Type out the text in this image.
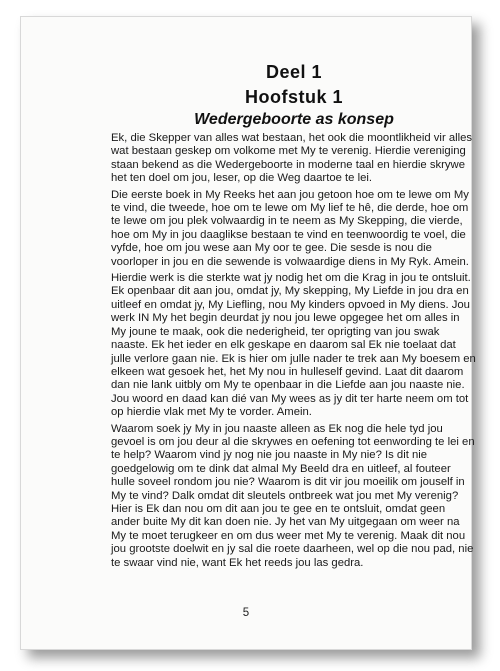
Deel 1
Hoofstuk 1
Wedergeboorte as konsep

Ek, die Skepper van alles wat bestaan, het ook die moontlikheid vir alles wat bestaan geskep om volkome met My te verenig. Hierdie vereniging staan bekend as die Wedergeboorte in moderne taal en hierdie skrywe het ten doel om jou, leser, op die Weg daartoe te lei.

Die eerste boek in My Reeks het aan jou getoon hoe om te lewe om My te vind, die tweede, hoe om te lewe om My lief te hê, die derde, hoe om te lewe om jou plek volwaardig in te neem as My Skepping, die vierde, hoe om My in jou daaglikse bestaan te vind en teenwoordig te voel, die vyfde, hoe om jou wese aan My oor te gee. Die sesde is nou die voorloper in jou en die sewende is volwaardige diens in My Ryk. Amein.

Hierdie werk is die sterkte wat jy nodig het om die Krag in jou te ontsluit. Ek openbaar dit aan jou, omdat jy, My skepping, My Liefde in jou dra en uitleef en omdat jy, My Liefling, nou My kinders opvoed in My diens. Jou werk IN My het begin deurdat jy nou jou lewe opgegee het om alles in My joune te maak, ook die nederigheid, ter oprigting van jou swak naaste. Ek het ieder en elk geskape en daarom sal Ek nie toelaat dat julle verlore gaan nie. Ek is hier om julle nader te trek aan My boesem en elkeen wat gesoek het, het My nou in hulleself gevind. Laat dit daarom dan nie lank uitbly om My te openbaar in die Liefde aan jou naaste nie. Jou woord en daad kan dié van My wees as jy dit ter harte neem om tot op hierdie vlak met My te vorder. Amein.

Waarom soek jy My in jou naaste alleen as Ek nog die hele tyd jou gevoel is om jou deur al die skrywes en oefening tot eenwording te lei en te help? Waarom vind jy nog nie jou naaste in My nie? Is dit nie goedgelowig om te dink dat almal My Beeld dra en uitleef, al fouteer hulle soveel rondom jou nie? Waarom is dit vir jou moeilik om jouself in My te vind? Dalk omdat dit sleutels ontbreek wat jou met My verenig? Hier is Ek dan nou om dit aan jou te gee en te ontsluit, omdat geen ander buite My dit kan doen nie. Jy het van My uitgegaan om weer na My te moet terugkeer en om dus weer met My te verenig. Maak dit nou jou grootste doelwit en jy sal die roete daarheen, wel op die nou pad, nie te swaar vind nie, want Ek het reeds jou las gedra.

5
